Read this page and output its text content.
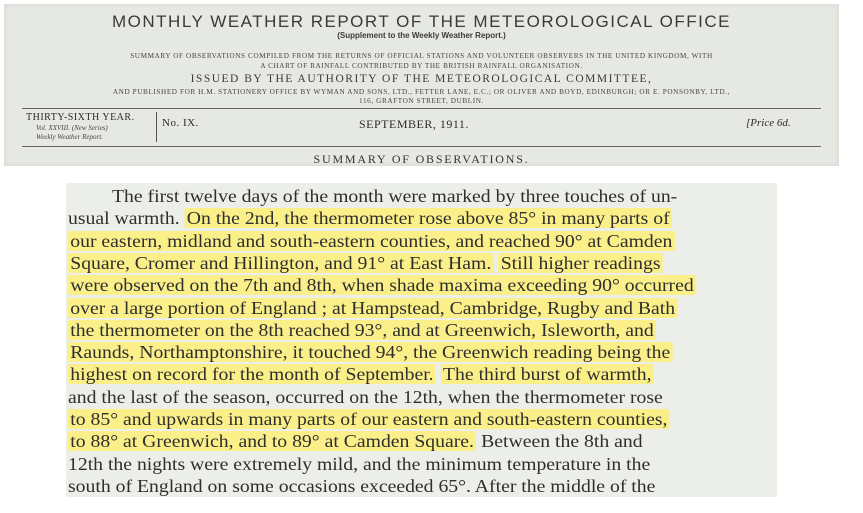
MONTHLY WEATHER REPORT OF THE METEOROLOGICAL OFFICE
(Supplement to the Weekly Weather Report.)
SUMMARY OF OBSERVATIONS COMPILED FROM THE RETURNS OF OFFICIAL STATIONS AND VOLUNTEER OBSERVERS IN THE UNITED KINGDOM, WITH
A CHART OF RAINFALL CONTRIBUTED BY THE BRITISH RAINFALL ORGANISATION.
ISSUED BY THE AUTHORITY OF THE METEOROLOGICAL COMMITTEE,
AND PUBLISHED FOR H.M. STATIONERY OFFICE BY WYMAN AND SONS, LTD., FETTER LANE, E.C.; OR OLIVER AND BOYD, EDINBURGH; OR E. PONSONBY, LTD.,
116, GRAFTON STREET, DUBLIN.
THIRTY-SIXTH YEAR.
Vol. XXVIII. (New Series)
Weekly Weather Report.
No. IX.	SEPTEMBER, 1911.	[Price 6d.
SUMMARY OF OBSERVATIONS.
The first twelve days of the month were marked by three touches of un-
usual warmth. On the 2nd, the thermometer rose above 85° in many parts of
our eastern, midland and south-eastern counties, and reached 90° at Camden
Square, Cromer and Hillington, and 91° at East Ham. Still higher readings
were observed on the 7th and 8th, when shade maxima exceeding 90° occurred
over a large portion of England ; at Hampstead, Cambridge, Rugby and Bath
the thermometer on the 8th reached 93°, and at Greenwich, Isleworth, and
Raunds, Northamptonshire, it touched 94°, the Greenwich reading being the
highest on record for the month of September. The third burst of warmth,
and the last of the season, occurred on the 12th, when the thermometer rose
to 85° and upwards in many parts of our eastern and south-eastern counties,
to 88° at Greenwich, and to 89° at Camden Square. Between the 8th and
12th the nights were extremely mild, and the minimum temperature in the
south of England on some occasions exceeded 65°. After the middle of the
